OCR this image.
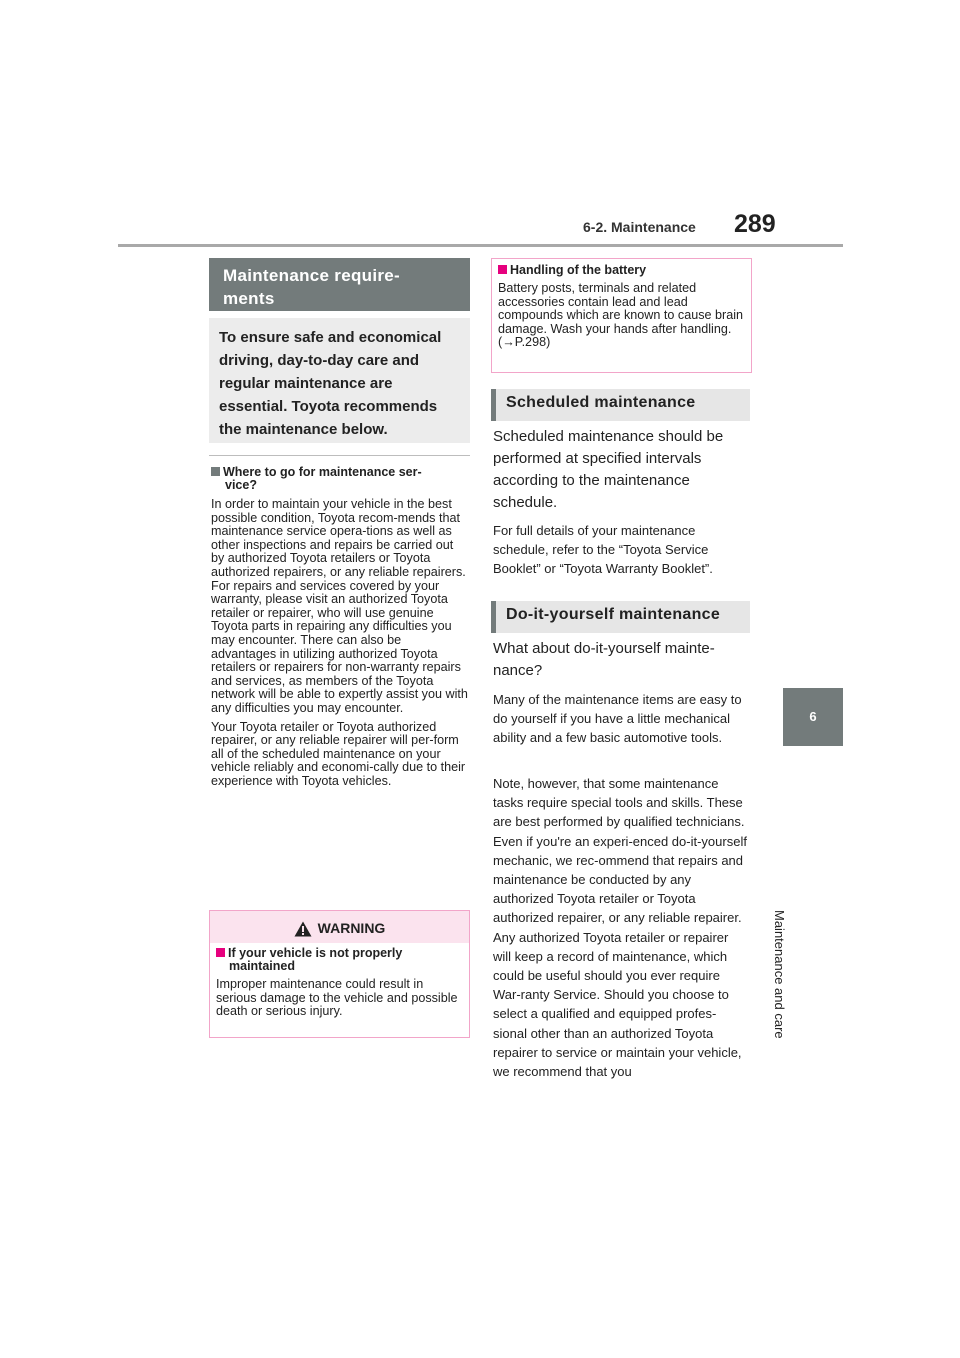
6-2. Maintenance 289
6
Maintenance and care
Maintenance require-
ments

To ensure safe and economical driving, day-to-day care and regular maintenance are essential. Toyota recommends the maintenance below.

Where to go for maintenance ser-
vice?

In order to maintain your vehicle in the best possible condition, Toyota recom-mends that maintenance service opera-tions as well as other inspections and repairs be carried out by authorized Toyota retailers or Toyota authorized repairers, or any reliable repairers. For repairs and services covered by your warranty, please visit an authorized Toyota retailer or repairer, who will use genuine Toyota parts in repairing any difficulties you may encounter. There can also be advantages in utilizing authorized Toyota retailers or repairers for non-warranty repairs and services, as members of the Toyota network will be able to expertly assist you with any difficulties you may encounter.

Your Toyota retailer or Toyota authorized repairer, or any reliable repairer will per-form all of the scheduled maintenance on your vehicle reliably and economi-cally due to their experience with Toyota vehicles.

WARNING
If your vehicle is not properly
maintained

Improper maintenance could result in serious damage to the vehicle and possible death or serious injury.

Handling of the battery

Battery posts, terminals and related accessories contain lead and lead compounds which are known to cause brain damage. Wash your hands after handling. (→P.298)

Scheduled maintenance

Scheduled maintenance should be performed at specified intervals according to the maintenance schedule.

For full details of your maintenance schedule, refer to the “Toyota Service Booklet” or “Toyota Warranty Booklet”.

Do-it-yourself maintenance

What about do-it-yourself mainte-nance?

Many of the maintenance items are easy to do yourself if you have a little mechanical ability and a few basic automotive tools.

Note, however, that some maintenance tasks require special tools and skills. These are best performed by qualified technicians. Even if you're an experi-enced do-it-yourself mechanic, we rec-ommend that repairs and maintenance be conducted by any authorized Toyota retailer or Toyota authorized repairer, or any reliable repairer. Any authorized Toyota retailer or repairer will keep a record of maintenance, which could be useful should you ever require War-ranty Service. Should you choose to select a qualified and equipped profes-sional other than an authorized Toyota repairer to service or maintain your vehicle, we recommend that you
